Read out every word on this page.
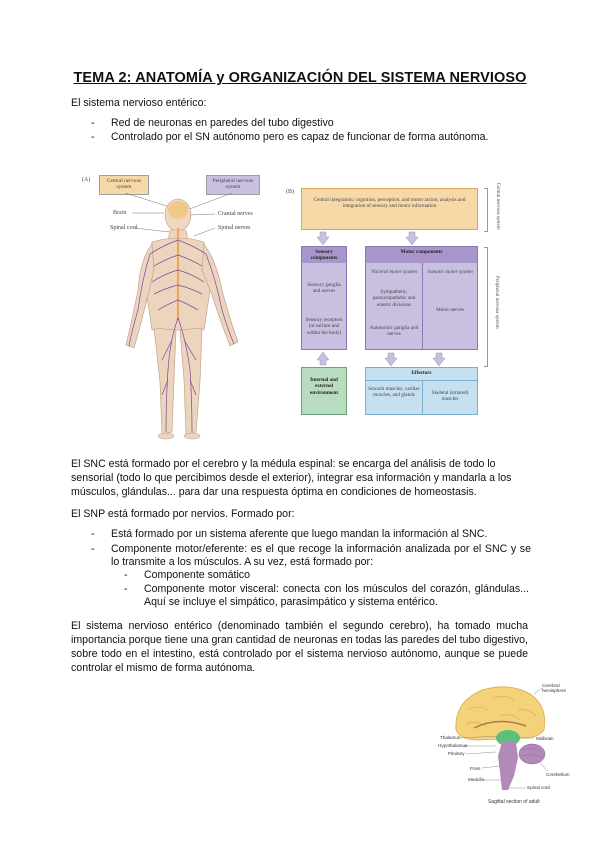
TEMA 2: ANATOMÍA y ORGANIZACIÓN DEL SISTEMA NERVIOSO
El sistema nervioso entérico:
- Red de neuronas en paredes del tubo digestivo
- Controlado por el SN autónomo pero es capaz de funcionar de forma autónoma.
(A)	Central nervous system
Peripheral nervous system
Brain
Spinal cord
Cranial nerves
Spinal nerves
(B)
Central integration; cognition, perception, and motor action; analysis and integration of sensory and motor information	Central nervous system
Peripheral nervous system
Sensory components
Sensory ganglia and nerves
Sensory receptors (at surface and within the body)
Motor components
Visceral motor system
Sympathetic, parasympathetic and enteric divisions
Autonomic ganglia and nerves
Somatic motor system
Motor nerves
Internal and external environment
Effectors
Smooth muscles, cardiac muscles, and glands	Skeletal (striated) muscles
El SNC está formado por el cerebro y la médula espinal: se encarga del análisis de todo lo sensorial (todo lo que percibimos desde el exterior), integrar esa información y mandarla a los músculos, glándulas... para dar una respuesta óptima en condiciones de homeostasis.
El SNP está formado por nervios. Formado por:
-	Está formado por un sistema aferente que luego mandan la información al SNC.
-	Componente motor/eferente: es el que recoge la información analizada por el SNC y se lo transmite a los músculos. A su vez, está formado por:
-	Componente somático
-	Componente motor visceral: conecta con los músculos del corazón, glándulas... Aquí se incluye el simpático, parasimpático y sistema entérico.
El sistema nervioso entérico (denominado también el segundo cerebro), ha tomado mucha importancia porque tiene una gran cantidad de neuronas en todas las paredes del tubo digestivo, sobre todo en el intestino, está controlado por el sistema nervioso autónomo, aunque se puede controlar el mismo de forma autónoma.
Cerebral hemisphere
Midbrain
Thalamus
Hypothalamus
Pituitary
Pons
Medulla
Cerebellum
Spinal cord
Sagittal section of adult
